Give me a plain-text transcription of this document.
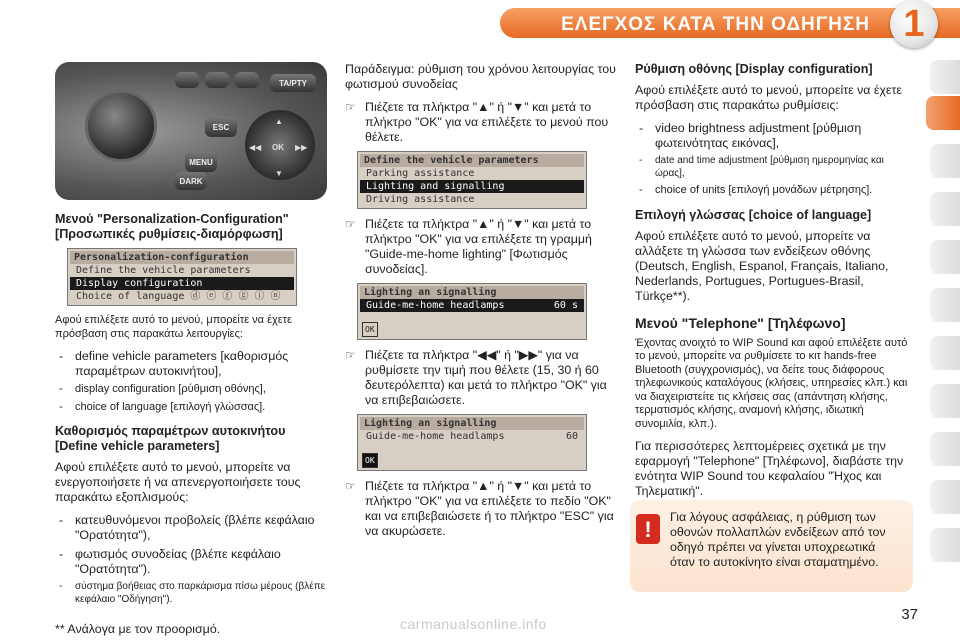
ΕΛΕΓΧΟΣ ΚΑΤΑ ΤΗΝ ΟΔΗΓΗΣΗ 1
TA/PTY
ESC
MENU
DARK
▲
▼
◀◀	▶▶
OK
Μενού "Personalization-Configuration" [Προσωπικές ρυθμίσεις-διαμόρφωση]
Personalization-configuration
Define the vehicle parameters
Display configuration
Choice of language ⓓ ⓔ ⓕ ⓖ ⓘ ⓝ

Αφού επιλέξετε αυτό το μενού, μπορείτε να έχετε πρόσβαση στις παρακάτω λειτουργίες:

- define vehicle parameters [καθορισμός παραμέτρων αυτοκινήτου],
- display configuration [ρύθμιση οθόνης],
- choice of language [επιλογή γλώσσας].
Καθορισμός παραμέτρων αυτοκινήτου [Define vehicle parameters]

Αφού επιλέξετε αυτό το μενού, μπορείτε να ενεργοποιήσετε ή να απενεργοποιήσετε τους παρακάτω εξοπλισμούς:

- κατευθυνόμενοι προβολείς (βλέπε κεφάλαιο "Ορατότητα"),
- φωτισμός συνοδείας (βλέπε κεφάλαιο "Ορατότητα").
- σύστημα βοήθειας στο παρκάρισμα πίσω μέρους (βλέπε κεφάλαιο "Οδήγηση").

** Ανάλογα με τον προορισμό.

Παράδειγμα: ρύθμιση του χρόνου λειτουργίας του φωτισμού συνοδείας

☞ Πιέζετε τα πλήκτρα "▲" ή "▼" και μετά το πλήκτρο "OK" για να επιλέξετε το μενού που θέλετε.
Define the vehicle parameters
Parking assistance
Lighting and signalling
Driving assistance
☞ Πιέζετε τα πλήκτρα "▲" ή "▼" και μετά το πλήκτρο "OK" για να επιλέξετε τη γραμμή "Guide-me-home lighting" [Φωτισμός συνοδείας].
Lighting an signalling
Guide-me-home headlamps	60 s
OK
☞ Πιέζετε τα πλήκτρα "◀◀" ή "▶▶" για να ρυθμίσετε την τιμή που θέλετε (15, 30 ή 60 δευτερόλεπτα) και μετά το πλήκτρο "OK" για να επιβεβαιώσετε.
Lighting an signalling
Guide-me-home headlamps	60
OK
☞ Πιέζετε τα πλήκτρα "▲" ή "▼" και μετά το πλήκτρο "OK" για να επιλέξετε το πεδίο "OK" και να επιβεβαιώσετε ή το πλήκτρο "ESC" για να ακυρώσετε.
Ρύθμιση οθόνης [Display configuration]

Αφού επιλέξετε αυτό το μενού, μπορείτε να έχετε πρόσβαση στις παρακάτω ρυθμίσεις:

- video brightness adjustment [ρύθμιση φωτεινότητας εικόνας],
- date and time adjustment [ρύθμιση ημερομηνίας και ώρας],
- choice of units [επιλογή μονάδων μέτρησης].
Επιλογή γλώσσας [choice of language]

Αφού επιλέξετε αυτό το μενού, μπορείτε να αλλάξετε τη γλώσσα των ενδείξεων οθόνης (Deutsch, English, Espanol, Français, Italiano, Nederlands, Portugues, Portugues-Brasil, Türkçe**).

Μενού "Telephone" [Τηλέφωνο]

Έχοντας ανοιχτό το WIP Sound και αφού επιλέξετε αυτό το μενού, μπορείτε να ρυθμίσετε το κιτ hands-free Bluetooth (συγχρονισμός), να δείτε τους διάφορους τηλεφωνικούς καταλόγους (κλήσεις, υπηρεσίες κλπ.) και να διαχειριστείτε τις κλήσεις σας (απάντηση κλήσης, τερματισμός κλήσης, αναμονή κλήσης, ιδιωτική συνομιλία, κλπ.).

Για περισσότερες λεπτομέρειες σχετικά με την εφαρμογή "Telephone" [Τηλέφωνο], διαβάστε την ενότητα WIP Sound του κεφαλαίου "Ήχος και Τηλεματική".

!	Για λόγους ασφάλειας, η ρύθμιση των οθονών πολλαπλών ενδείξεων από τον οδηγό πρέπει να γίνεται υποχρεωτικά όταν το αυτοκίνητο είναι σταματημένο.
carmanualsonline.info
37
